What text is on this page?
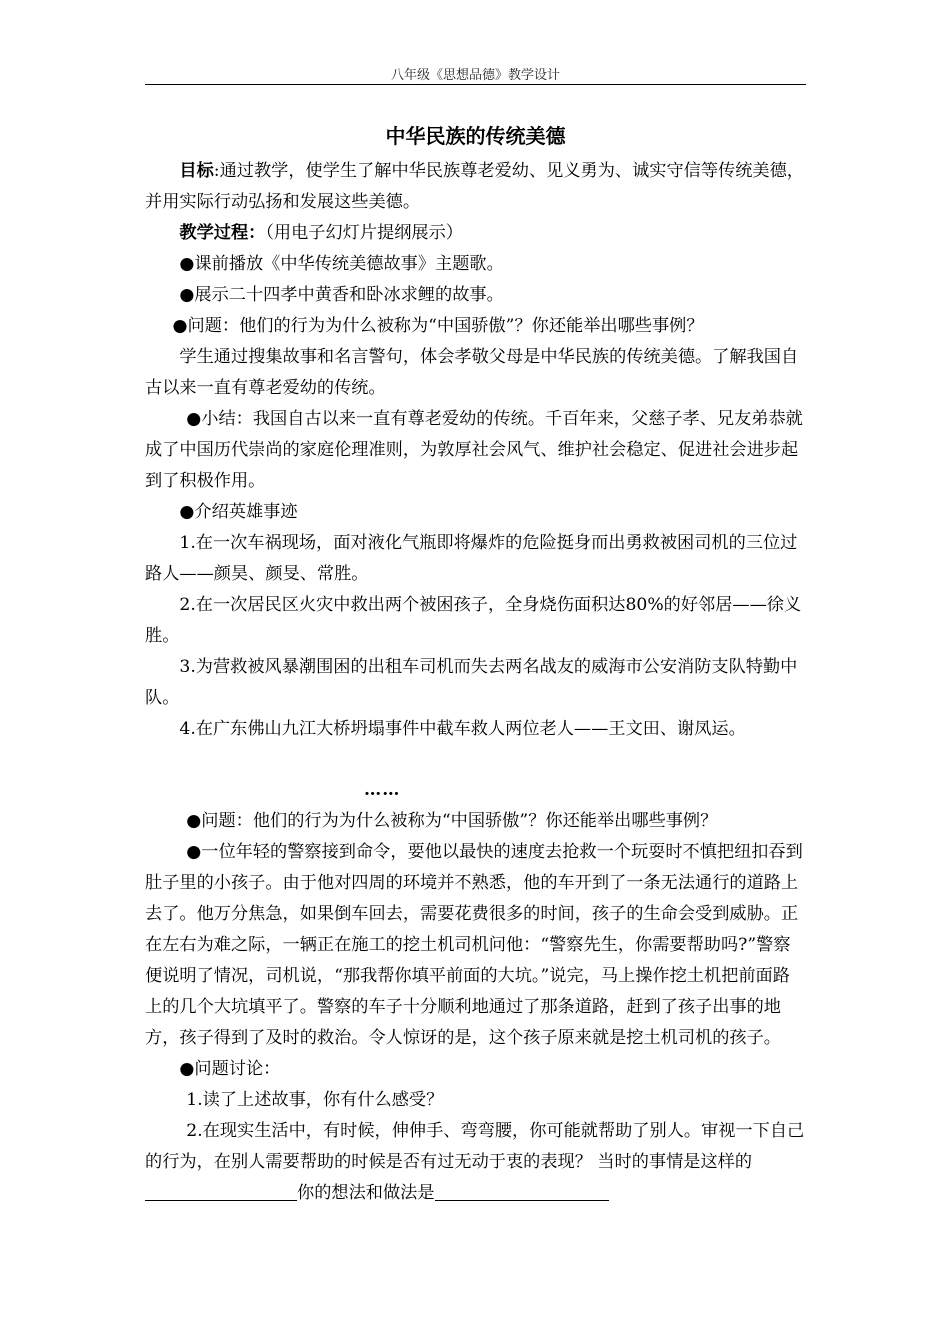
八年级《思想品德》教学设计

中华民族的传统美德

目标:通过教学，使学生了解中华民族尊老爱幼、见义勇为、诚实守信等传统美德，并用实际行动弘扬和发展这些美德。

教学过程：（用电子幻灯片提纲展示）

●课前播放《中华传统美德故事》主题歌。

●展示二十四孝中黄香和卧冰求鲤的故事。

●问题：他们的行为为什么被称为“中国骄傲”？你还能举出哪些事例？

学生通过搜集故事和名言警句，体会孝敬父母是中华民族的传统美德。了解我国自古以来一直有尊老爱幼的传统。

●小结：我国自古以来一直有尊老爱幼的传统。千百年来，父慈子孝、兄友弟恭就成了中国历代崇尚的家庭伦理准则，为敦厚社会风气、维护社会稳定、促进社会进步起到了积极作用。

●介绍英雄事迹

1.在一次车祸现场，面对液化气瓶即将爆炸的危险挺身而出勇救被困司机的三位过路人——颜昊、颜旻、常胜。

2.在一次居民区火灾中救出两个被困孩子，全身烧伤面积达80%的好邻居——徐义胜。

3.为营救被风暴潮围困的出租车司机而失去两名战友的威海市公安消防支队特勤中队。

4.在广东佛山九江大桥坍塌事件中截车救人两位老人——王文田、谢凤运。

……

●问题：他们的行为为什么被称为“中国骄傲”？你还能举出哪些事例？

●一位年轻的警察接到命令，要他以最快的速度去抢救一个玩耍时不慎把纽扣吞到肚子里的小孩子。由于他对四周的环境并不熟悉，他的车开到了一条无法通行的道路上去了。他万分焦急，如果倒车回去，需要花费很多的时间，孩子的生命会受到威胁。正在左右为难之际，一辆正在施工的挖土机司机问他：“警察先生，你需要帮助吗?”警察便说明了情况，司机说，“那我帮你填平前面的大坑。”说完，马上操作挖土机把前面路上的几个大坑填平了。警察的车子十分顺利地通过了那条道路，赶到了孩子出事的地方，孩子得到了及时的救治。令人惊讶的是，这个孩子原来就是挖土机司机的孩子。

●问题讨论：

1.读了上述故事，你有什么感受？

2.在现实生活中，有时候，伸伸手、弯弯腰，你可能就帮助了别人。审视一下自己的行为，在别人需要帮助的时候是否有过无动于衷的表现？ 当时的事情是这样的你的想法和做法是
